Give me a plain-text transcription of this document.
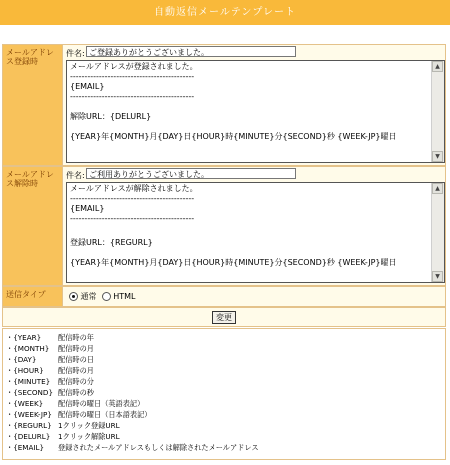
自動返信メールテンプレート
メールアドレス登録時
件名: ご登録ありがとうございました。
メールアドレスが登録されました。
-------------------------------------------
{EMAIL}
-------------------------------------------
解除URL：{DELURL}
{YEAR}年{MONTH}月{DAY}日{HOUR}時{MINUTE}分{SECOND}秒 {WEEK-JP}曜日
▲
▼
メールアドレス解除時
件名: ご利用ありがとうございました。
メールアドレスが解除されました。
-------------------------------------------
{EMAIL}
-------------------------------------------
登録URL：{REGURL}
{YEAR}年{MONTH}月{DAY}日{HOUR}時{MINUTE}分{SECOND}秒 {WEEK-JP}曜日
▲
▼
送信タイプ	通常 HTML
変更
・{YEAR} 配信時の年
・{MONTH} 配信時の月
・{DAY}	配信時の日
・{HOUR} 配信時の月
・{MINUTE} 配信時の分
・{SECOND} 配信時の秒
・{WEEK} 配信時の曜日（英語表記）
・{WEEK-JP} 配信時の曜日（日本語表記）
・{REGURL} 1クリック登録URL
・{DELURL} 1クリック解除URL
・{EMAIL} 登録されたメールアドレスもしくは解除されたメールアドレス
